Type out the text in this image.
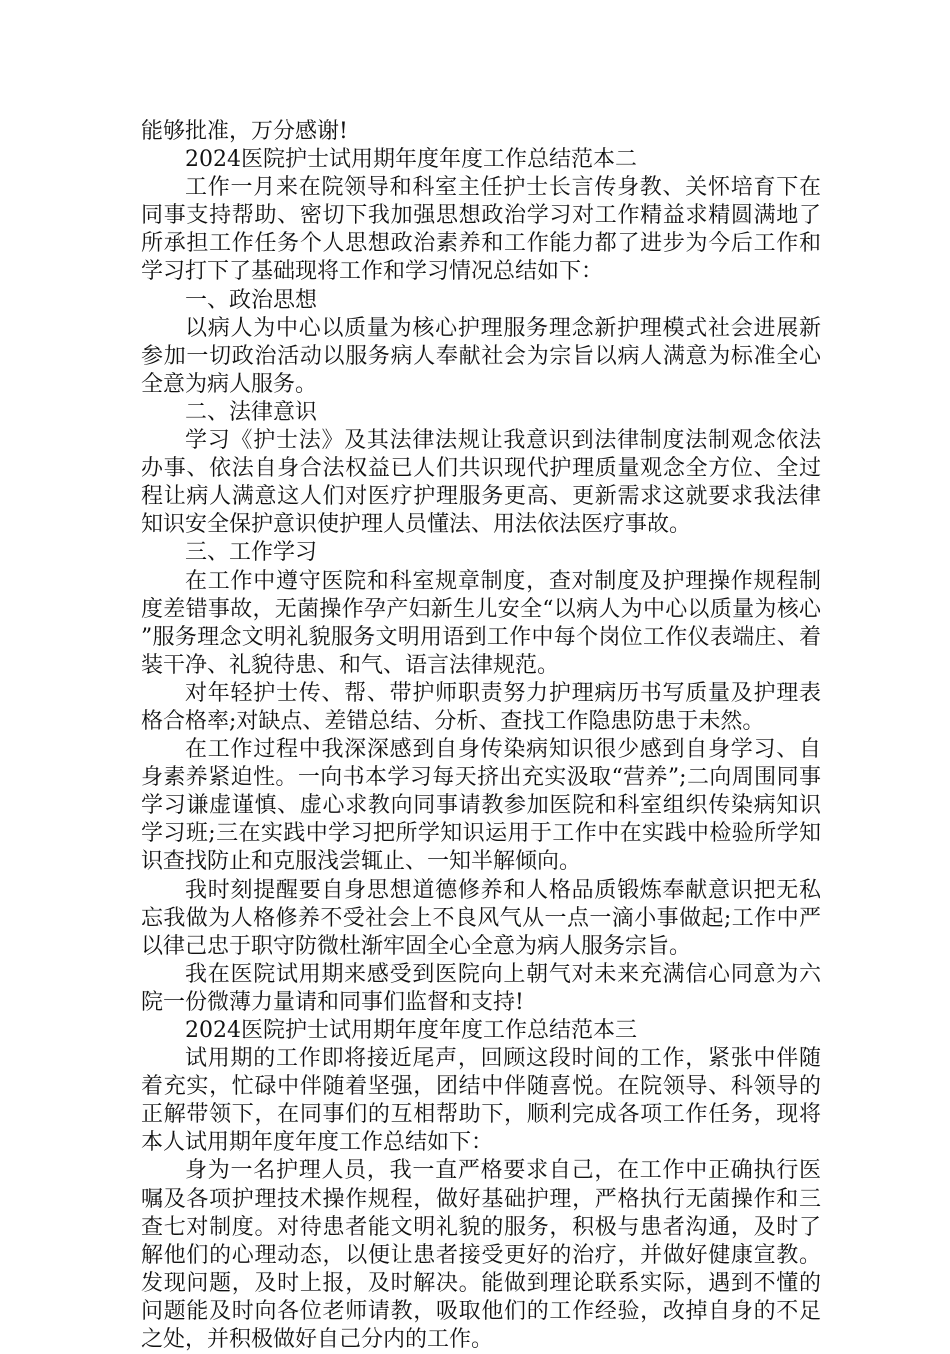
能够批准，万分感谢!

2024医院护士试用期年度年度工作总结范本二

工作一月来在院领导和科室主任护士长言传身教、关怀培育下在同事支持帮助、密切下我加强思想政治学习对工作精益求精圆满地了所承担工作任务个人思想政治素养和工作能力都了进步为今后工作和学习打下了基础现将工作和学习情况总结如下：

一、政治思想

以病人为中心以质量为核心护理服务理念新护理模式社会进展新参加一切政治活动以服务病人奉献社会为宗旨以病人满意为标准全心全意为病人服务。

二、法律意识

学习《护士法》及其法律法规让我意识到法律制度法制观念依法办事、依法自身合法权益已人们共识现代护理质量观念全方位、全过程让病人满意这人们对医疗护理服务更高、更新需求这就要求我法律知识安全保护意识使护理人员懂法、用法依法医疗事故。

三、工作学习

在工作中遵守医院和科室规章制度，查对制度及护理操作规程制度差错事故，无菌操作孕产妇新生儿安全“以病人为中心以质量为核心”服务理念文明礼貌服务文明用语到工作中每个岗位工作仪表端庄、着装干净、礼貌待患、和气、语言法律规范。

对年轻护士传、帮、带护师职责努力护理病历书写质量及护理表格合格率;对缺点、差错总结、分析、查找工作隐患防患于未然。

在工作过程中我深深感到自身传染病知识很少感到自身学习、自身素养紧迫性。一向书本学习每天挤出充实汲取“营养”;二向周围同事学习谦虚谨慎、虚心求教向同事请教参加医院和科室组织传染病知识学习班;三在实践中学习把所学知识运用于工作中在实践中检验所学知识查找防止和克服浅尝辄止、一知半解倾向。

我时刻提醒要自身思想道德修养和人格品质锻炼奉献意识把无私忘我做为人格修养不受社会上不良风气从一点一滴小事做起;工作中严以律己忠于职守防微杜渐牢固全心全意为病人服务宗旨。

我在医院试用期来感受到医院向上朝气对未来充满信心同意为六院一份微薄力量请和同事们监督和支持!

2024医院护士试用期年度年度工作总结范本三

试用期的工作即将接近尾声，回顾这段时间的工作，紧张中伴随着充实，忙碌中伴随着坚强，团结中伴随喜悦。在院领导、科领导的正解带领下，在同事们的互相帮助下，顺利完成各项工作任务，现将本人试用期年度年度工作总结如下：

身为一名护理人员，我一直严格要求自己，在工作中正确执行医嘱及各项护理技术操作规程，做好基础护理，严格执行无菌操作和三查七对制度。对待患者能文明礼貌的服务，积极与患者沟通，及时了解他们的心理动态，以便让患者接受更好的治疗，并做好健康宣教。发现问题，及时上报，及时解决。能做到理论联系实际，遇到不懂的问题能及时向各位老师请教，吸取他们的工作经验，改掉自身的不足之处，并积极做好自己分内的工作。
